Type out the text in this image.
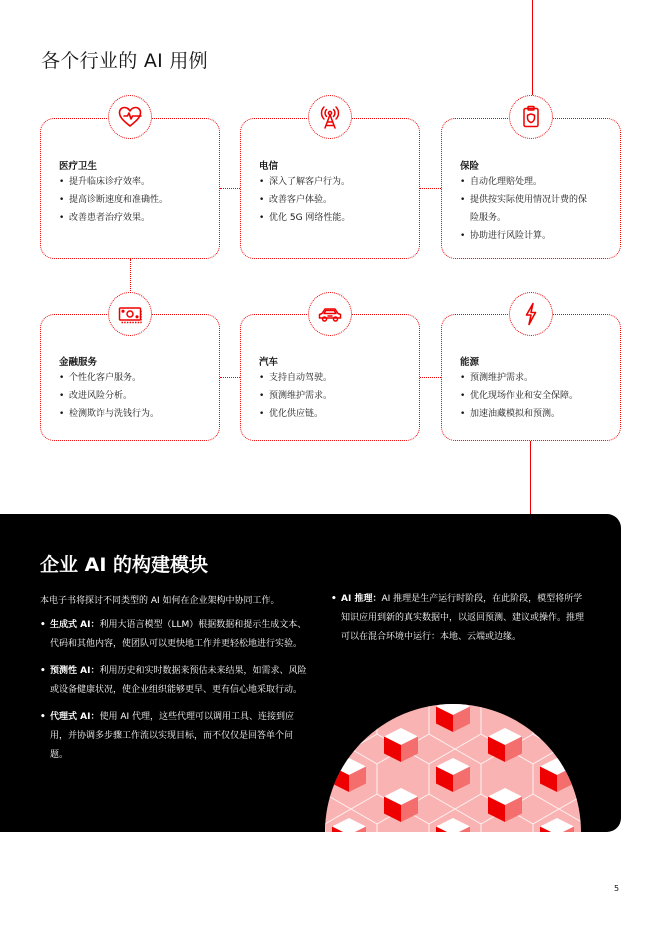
各个行业的 AI 用例
医疗卫生
• 提升临床诊疗效率。
• 提高诊断速度和准确性。
• 改善患者治疗效果。
电信
• 深入了解客户行为。
• 改善客户体验。
• 优化 5G 网络性能。
保险
• 自动化理赔处理。
• 提供按实际使用情况计费的保
险服务。
• 协助进行风险计算。
金融服务
• 个性化客户服务。
• 改进风险分析。
• 检测欺诈与洗钱行为。
汽车
• 支持自动驾驶。
• 预测维护需求。
• 优化供应链。
能源
• 预测维护需求。
• 优化现场作业和安全保障。
• 加速油藏模拟和预测。
企业 AI 的构建模块

本电子书将探讨不同类型的 AI 如何在企业架构中协同工作。

• 生成式 AI：利用大语言模型（LLM）根据数据和提示生成文本、代码和其他内容，使团队可以更快地工作并更轻松地进行实验。
• 预测性 AI：利用历史和实时数据来预估未来结果，如需求、风险或设备健康状况，使企业组织能够更早、更有信心地采取行动。
• 代理式 AI：使用 AI 代理，这些代理可以调用工具、连接到应用，并协调多步骤工作流以实现目标，而不仅仅是回答单个问题。
• AI 推理：AI 推理是生产运行时阶段，在此阶段，模型将所学知识应用到新的真实数据中，以返回预测、建议或操作。推理可以在混合环境中运行：本地、云端或边缘。
5
